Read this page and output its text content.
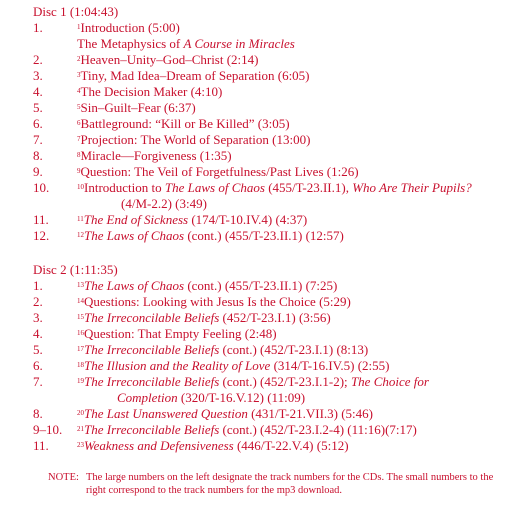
Disc 1 (1:04:43)
1.	$^1$Introduction (5:00)
The Metaphysics of A Course in Miracles
2.	$^2$Heaven–Unity–God–Christ (2:14)
3.	$^3$Tiny, Mad Idea–Dream of Separation (6:05)
4.	$^4$The Decision Maker (4:10)
5.	$^5$Sin–Guilt–Fear (6:37)
6.	$^6$Battleground: “Kill or Be Killed” (3:05)
7.	$^7$Projection: The World of Separation (13:00)
8.	$^8$Miracle—Forgiveness (1:35)
9.	$^9$Question: The Veil of Forgetfulness/Past Lives (1:26)
10.	$^{10}$Introduction to The Laws of Chaos (455/T-23.II.1), Who Are Their Pupils?
(4/M-2.2) (3:49)
11.	$^{11}$The End of Sickness (174/T-10.IV.4) (4:37)
12.	$^{12}$The Laws of Chaos (cont.) (455/T-23.II.1) (12:57)
Disc 2 (1:11:35)
1.	$^{13}$The Laws of Chaos (cont.) (455/T-23.II.1) (7:25)
2.	$^{14}$Questions: Looking with Jesus Is the Choice (5:29)
3.	$^{15}$The Irreconcilable Beliefs (452/T-23.I.1) (3:56)
4.	$^{16}$Question: That Empty Feeling (2:48)
5.	$^{17}$The Irreconcilable Beliefs (cont.) (452/T-23.I.1) (8:13)
6.	$^{18}$The Illusion and the Reality of Love (314/T-16.IV.5) (2:55)
7.	$^{19}$The Irreconcilable Beliefs (cont.) (452/T-23.I.1-2); The Choice for
Completion (320/T-16.V.12) (11:09)
8.	$^{20}$The Last Unanswered Question (431/T-21.VII.3) (5:46)
9–10. $^{21}$The Irreconcilable Beliefs (cont.) (452/T-23.I.2-4) (11:16)(7:17)
11.	$^{23}$Weakness and Defensiveness (446/T-22.V.4) (5:12)
NOTE: The large numbers on the left designate the track numbers for the CDs. The small numbers to the right correspond to the track numbers for the mp3 download.
